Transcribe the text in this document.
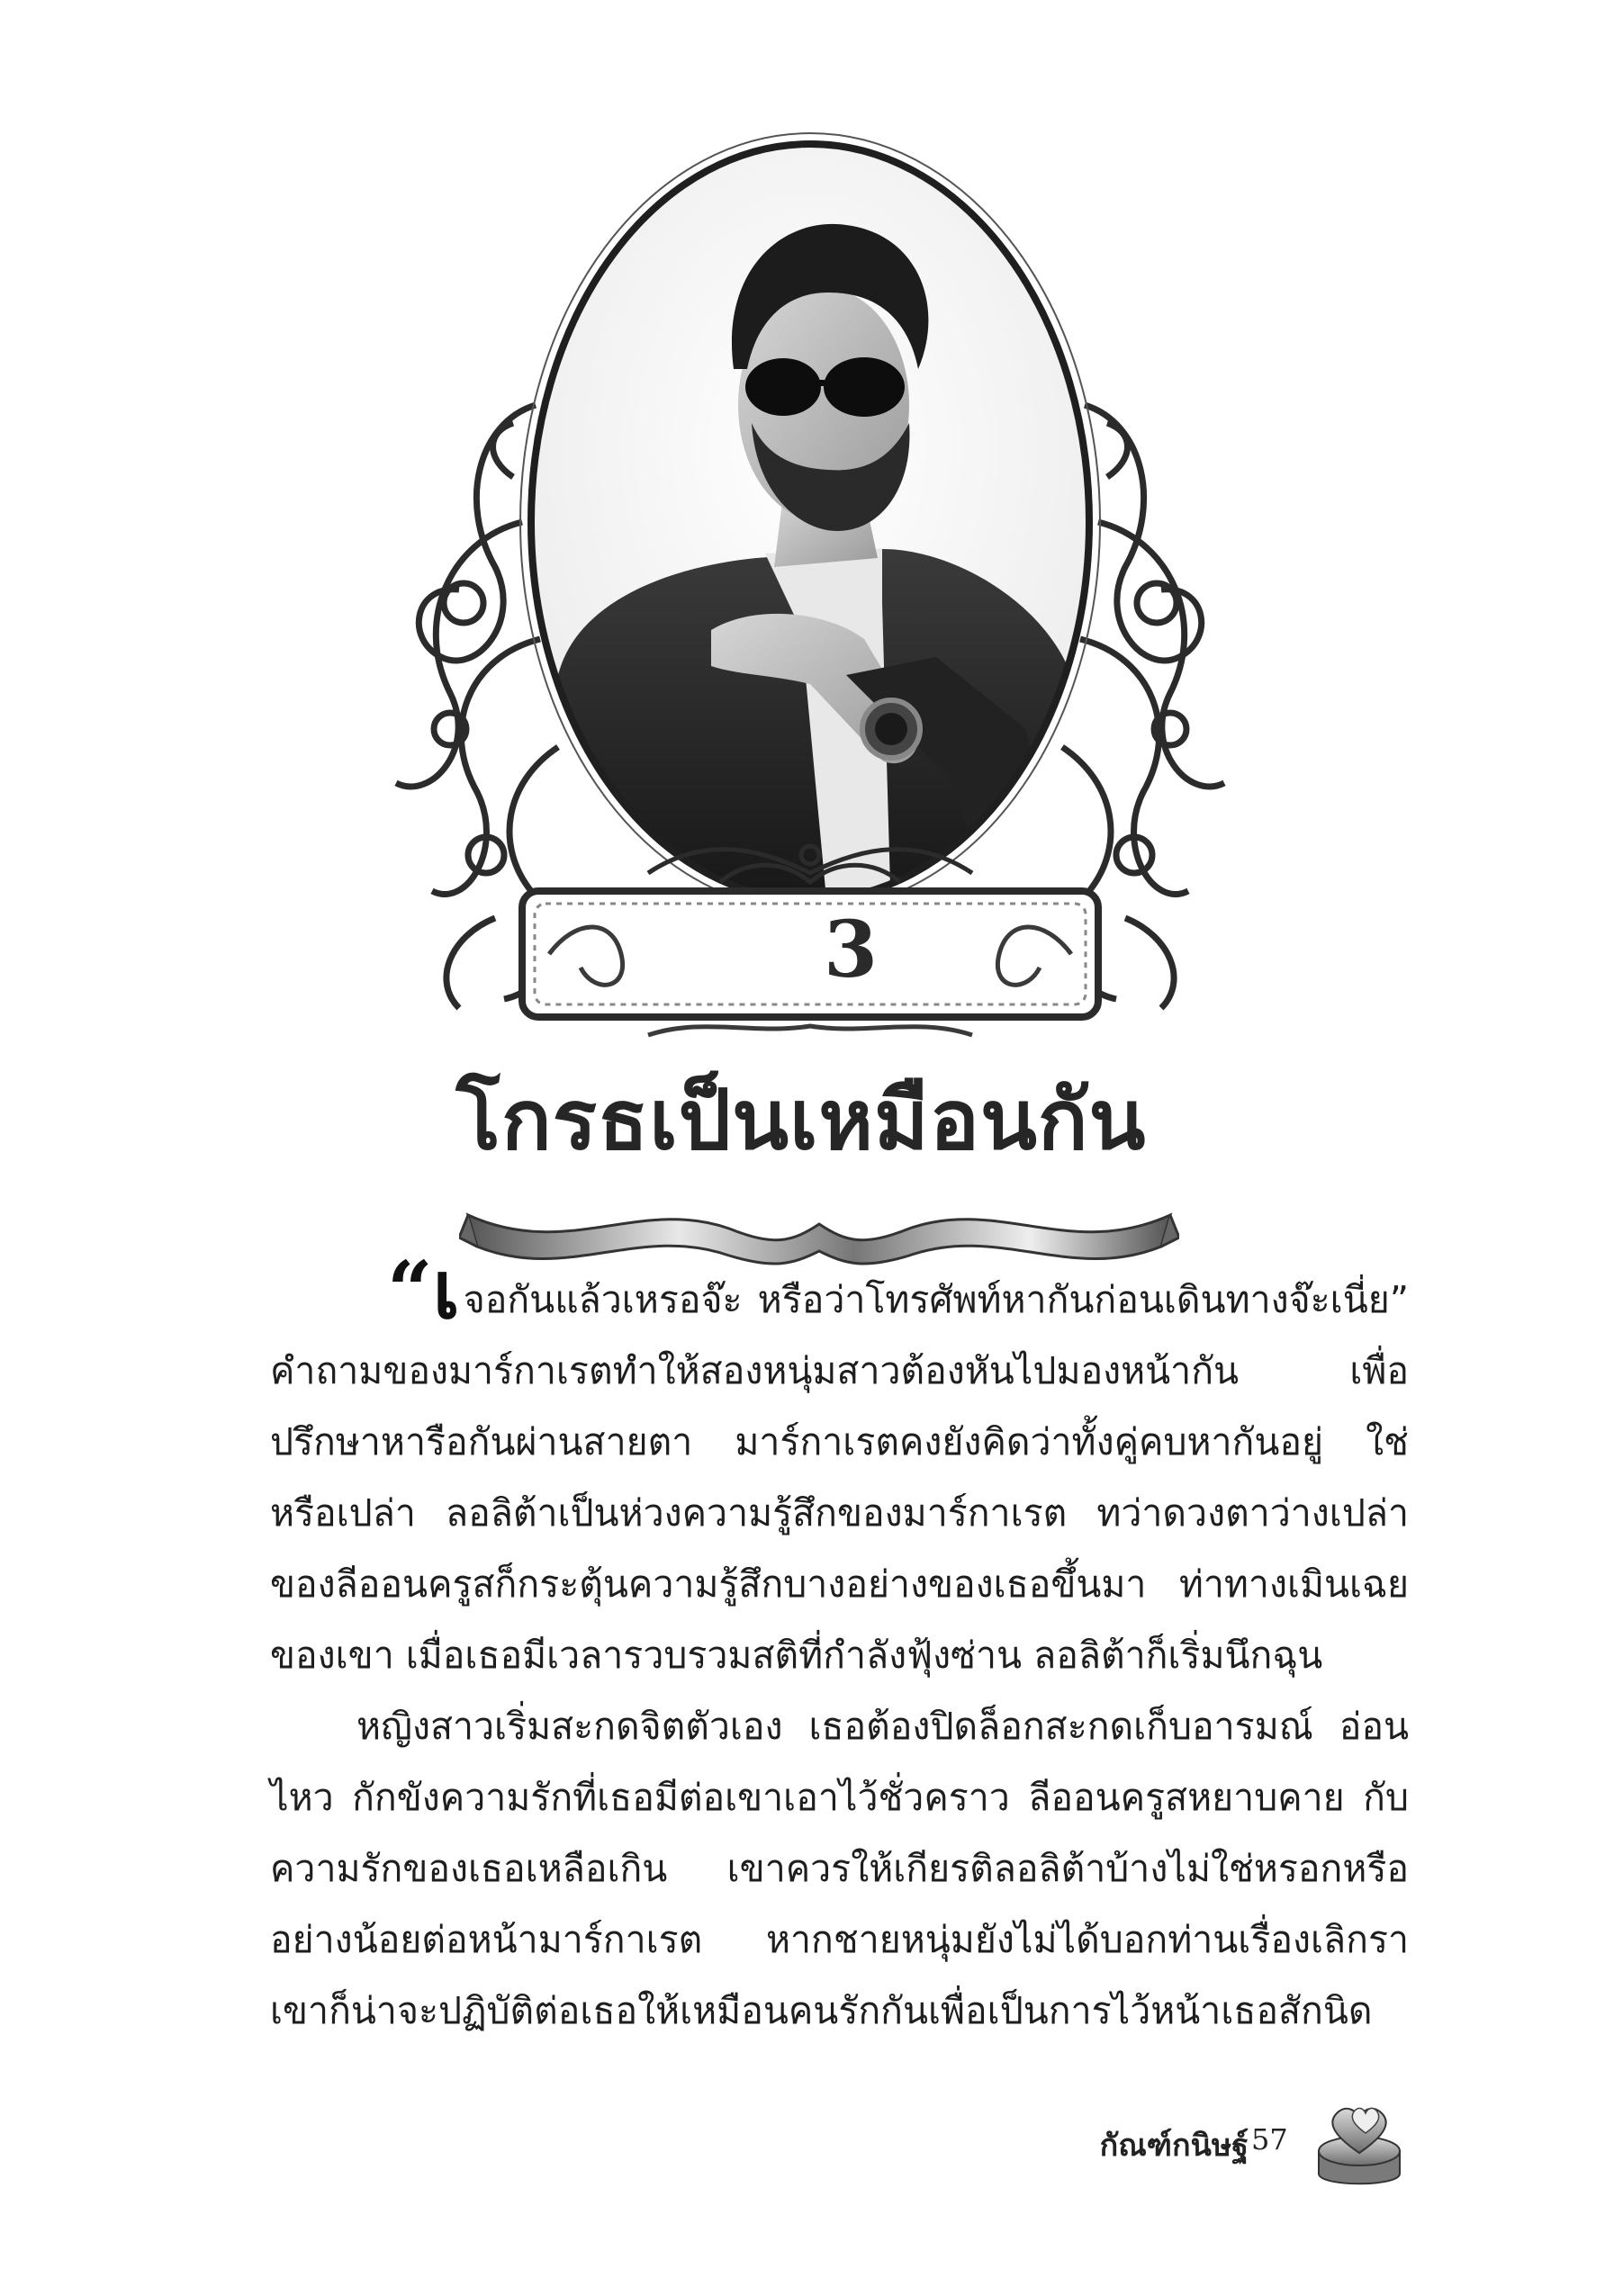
3
โกรธเป็นเหมือนกัน

“เจอกันแล้วเหรอจ๊ะ หรือว่าโทรศัพท์หากันก่อนเดินทางจ๊ะเนี่ย” คำถามของมาร์กาเรตทำให้สองหนุ่มสาวต้องหันไปมองหน้ากัน เพื่อปรึกษาหารือกันผ่านสายตา มาร์กาเรตคงยังคิดว่าทั้งคู่คบหากันอยู่ ใช่หรือเปล่า ลอลิต้าเป็นห่วงความรู้สึกของมาร์กาเรต ทว่าดวงตาว่างเปล่า ของลีออนครูสก็กระตุ้นความรู้สึกบางอย่างของเธอขึ้นมา ท่าทางเมินเฉย ของเขา เมื่อเธอมีเวลารวบรวมสติที่กำลังฟุ้งซ่าน ลอลิต้าก็เริ่มนึกฉุน

หญิงสาวเริ่มสะกดจิตตัวเอง เธอต้องปิดล็อกสะกดเก็บอารมณ์ อ่อนไหว กักขังความรักที่เธอมีต่อเขาเอาไว้ชั่วคราว ลีออนครูสหยาบคาย กับความรักของเธอเหลือเกิน เขาควรให้เกียรติลอลิต้าบ้างไม่ใช่หรอกหรือ อย่างน้อยต่อหน้ามาร์กาเรต หากชายหนุ่มยังไม่ได้บอกท่านเรื่องเลิกรา เขาก็น่าจะปฏิบัติต่อเธอให้เหมือนคนรักกันเพื่อเป็นการไว้หน้าเธอสักนิด

กัณฑ์กนิษฐ์ 57
